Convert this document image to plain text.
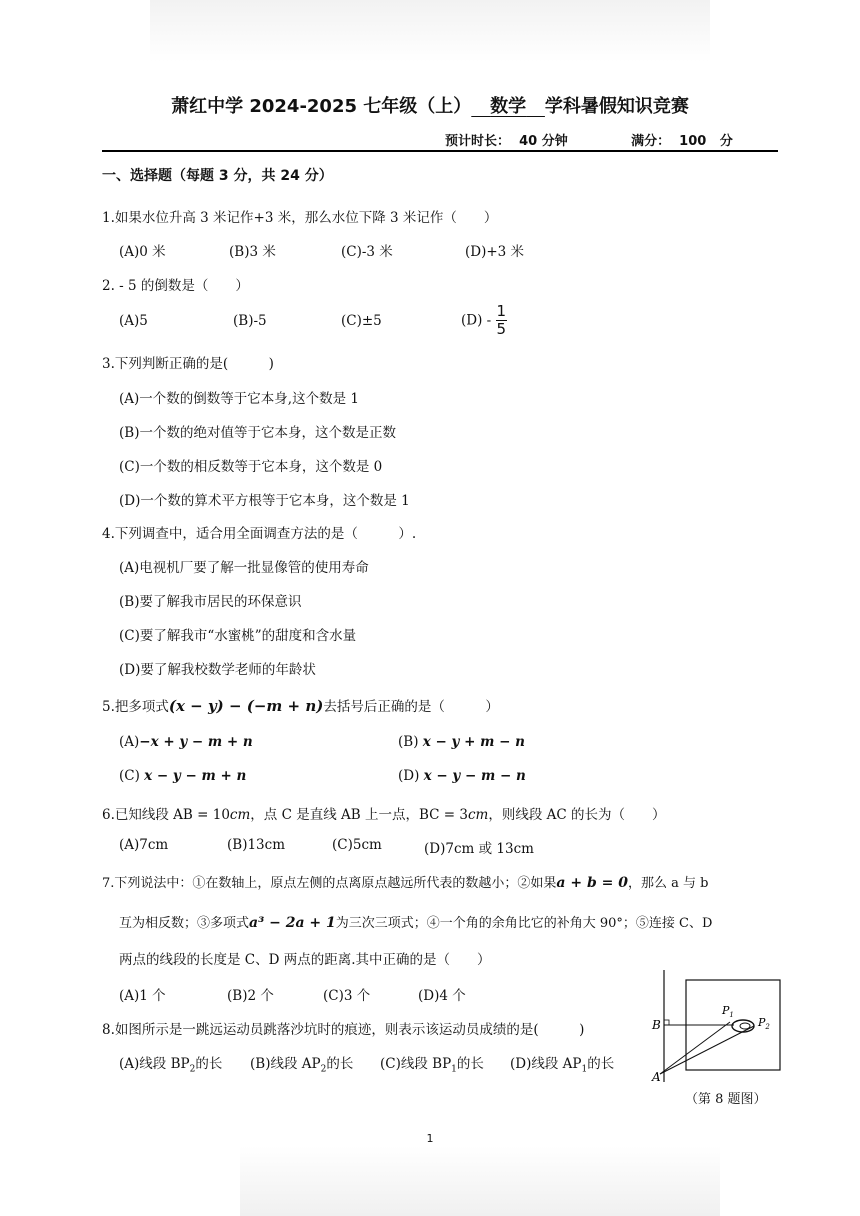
萧红中学 2024-2025 七年级（上） 数学 学科暑假知识竞赛
预计时长： 40 分钟	满分： 100 分
一、选择题（每题 3 分，共 24 分）
1.如果水位升高 3 米记作+3 米，那么水位下降 3 米记作（　　）
(A)0 米	(B)3 米	(C)-3 米	(D)+3 米
2. - 5 的倒数是（　　）
(A)5	(B)-5	(C)±5	$(D) - \frac{1}{5}$
3.下列判断正确的是(　　　)
(A)一个数的倒数等于它本身,这个数是 1
(B)一个数的绝对值等于它本身，这个数是正数
(C)一个数的相反数等于它本身，这个数是 0
(D)一个数的算术平方根等于它本身，这个数是 1
4.下列调查中，适合用全面调查方法的是（　　　）.
(A)电视机厂要了解一批显像管的使用寿命
(B)要了解我市居民的环保意识
(C)要了解我市“水蜜桃”的甜度和含水量
(D)要了解我校数学老师的年龄状
5.把多项式(x − y) − (−m + n)去括号后正确的是（　　　）
(A)−x + y − m + n	(B) x − y + m − n
(C) x − y − m + n	(D) x − y − m − n
6.已知线段 AB = 10cm，点 C 是直线 AB 上一点，BC = 3cm，则线段 AC 的长为（　　）
(A)7cm	(B)13cm	(C)5cm	(D)7cm 或 13cm
7.下列说法中：①在数轴上，原点左侧的点离原点越远所代表的数越小；②如果a + b = 0，那么 a 与 b
互为相反数；③多项式a³ − 2a + 1为三次三项式；④一个角的余角比它的补角大 90°；⑤连接 C、D
两点的线段的长度是 C、D 两点的距离.其中正确的是（　　）
(A)1 个	(B)2 个	(C)3 个	(D)4 个
8.如图所示是一跳远运动员跳落沙坑时的痕迹，则表示该运动员成绩的是(　　　)
(A)线段 $BP_2$的长 (B)线段 $AP_2$的长 (C)线段 $BP_1$的长 (D)线段 $AP_1$的长
B
A
$P_1$
$P_2$
（第 8 题图）
1
